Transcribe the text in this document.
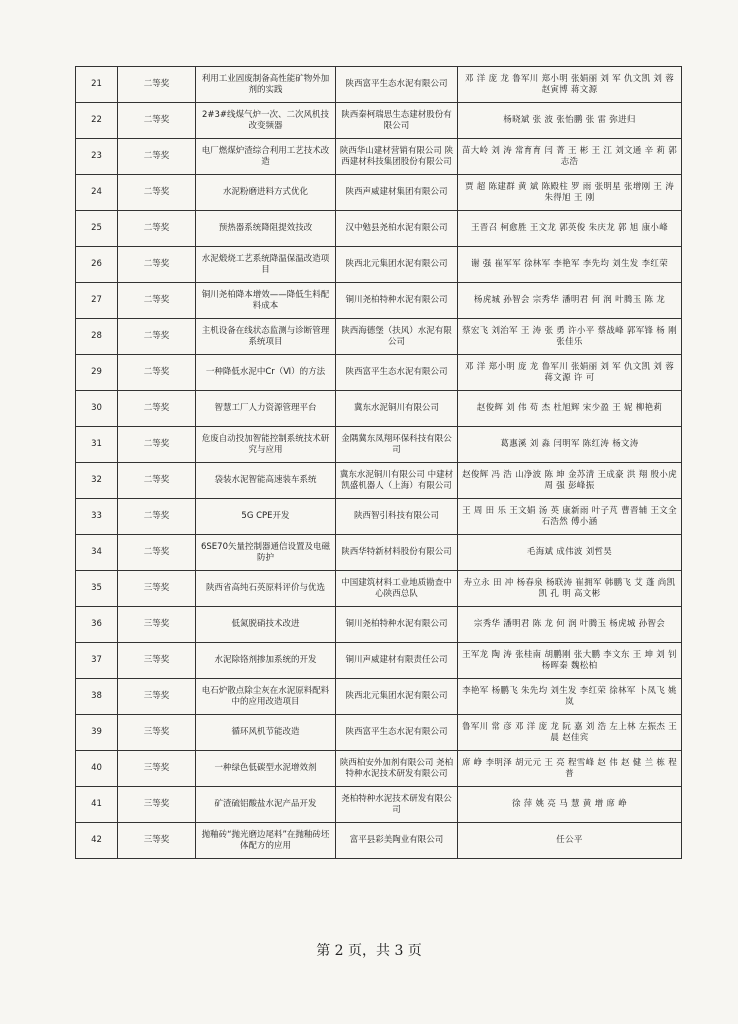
21	二等奖	利用工业固废制备高性能矿物外加剂的实践	陕西富平生态水泥有限公司	邓 洋 庞 龙 鲁军川 郑小明 张娟丽 刘 军 仇文凯 刘 蓉 赵寅博 蒋文源
22	二等奖	2#3#线煤气炉一次、二次风机技改变频器	陕西秦柯瑞思生态建材股份有限公司	杨晓斌 张 波 张怡鹏 张 雷 弥进归
23	二等奖	电厂燃煤炉渣综合利用工艺技术改造	陕西华山建材营销有限公司 陕西建材科技集团股份有限公司	苗大岭 刘 涛 常育育 闫 菁 王 彬 王 江 刘文通 辛 莉 郭志浩
24	二等奖	水泥粉磨进料方式优化	陕西声威建材集团有限公司	贾 超 陈建群 黄 斌 陈殿柱 罗 雨 张明星 张增刚 王 涛 朱得旭 王 刚
25	二等奖	预热器系统降阻提效技改	汉中勉县尧柏水泥有限公司	王晋召 柯愈胜 王文龙 郭英俊 朱庆龙 郭 旭 康小峰
26	二等奖	水泥煅烧工艺系统降温保温改造项目	陕西北元集团水泥有限公司	谢 强 崔军军 徐林军 李艳军 李先均 刘生发 李红荣
27	二等奖	铜川尧柏降本增效——降低生料配料成本	铜川尧柏特种水泥有限公司	杨虎城 孙智会 宗秀华 潘明君 何 润 叶腾玉 陈 龙
28	二等奖	主机设备在线状态监测与诊断管理系统项目	陕西海德堡（扶风）水泥有限公司	蔡宏飞 刘治军 王 涛 张 勇 许小平 蔡战峰 郭军锋 杨 刚 张佳乐
29	二等奖	一种降低水泥中Cr（Ⅵ）的方法	陕西富平生态水泥有限公司	邓 洋 郑小明 庞 龙 鲁军川 张娟丽 刘 军 仇文凯 刘 蓉 蒋文源 许 可
30	二等奖	智慧工厂人力资源管理平台	冀东水泥铜川有限公司	赵俊辉 刘 伟 苟 杰 杜旭辉 宋少盈 王 妮 柳艳莉
31	二等奖	危废自动投加智能控制系统技术研究与应用	金隅冀东凤翔环保科技有限公司	葛惠溪 刘 淼 闫明军 陈红涛 杨文涛
32	二等奖	袋装水泥智能高速装车系统	冀东水泥铜川有限公司 中建材凯盛机器人（上海）有限公司	赵俊辉 冯 浩 山净波 陈 坤 金苏清 王成豪 洪 翔 殷小虎 周 强 彭峰振
33	二等奖	5G CPE开发	陕西智引科技有限公司	王 周 田 乐 王文娟 汤 英 康新雨 叶子芃 曹晋辅 王文全 石浩然 傅小涵
34	二等奖	6SE70矢量控制器通信设置及电磁防护	陕西华特新材料股份有限公司	毛海斌 成伟波 刘哲昊
35	三等奖	陕西省高纯石英原料评价与优选	中国建筑材料工业地质勘查中心陕西总队	寿立永 田 冲 杨春泉 杨联涛 崔拥军 韩鹏飞 艾 蓬 尚凯凯 孔 明 高文彬
36	三等奖	低氮脱硝技术改进	铜川尧柏特种水泥有限公司	宗秀华 潘明君 陈 龙 何 润 叶腾玉 杨虎城 孙智会
37	三等奖	水泥除铬剂掺加系统的开发	铜川声威建材有限责任公司	王军龙 陶 涛 张桂南 胡鹏刚 张大鹏 李文东 王 坤 刘 钊 杨晖秦 魏松柏
38	三等奖	电石炉散点除尘灰在水泥原料配料中的应用改造项目	陕西北元集团水泥有限公司	李艳军 杨鹏飞 朱先均 刘生发 李红荣 徐林军 卜凤飞 姚 岚
39	三等奖	循环风机节能改造	陕西富平生态水泥有限公司	鲁军川 常 彦 邓 洋 庞 龙 阮 嘉 刘 浩 左上林 左振杰 王 晨 赵佳宾
40	三等奖	一种绿色低碳型水泥增效剂	陕西柏安外加剂有限公司 尧柏特种水泥技术研发有限公司	席 峥 李明泽 胡元元 王 亮 程雪峰 赵 伟 赵 健 兰 栋 程 普
41	三等奖	矿渣硫铝酸盐水泥产品开发	尧柏特种水泥技术研发有限公司	徐 萍 姚 亮 马 慧 黄 增 席 峥
42	三等奖	抛釉砖“抛光磨边尾料”在抛釉砖坯体配方的应用	富平县彩美陶业有限公司	任公平
第 2 页，共 3 页
